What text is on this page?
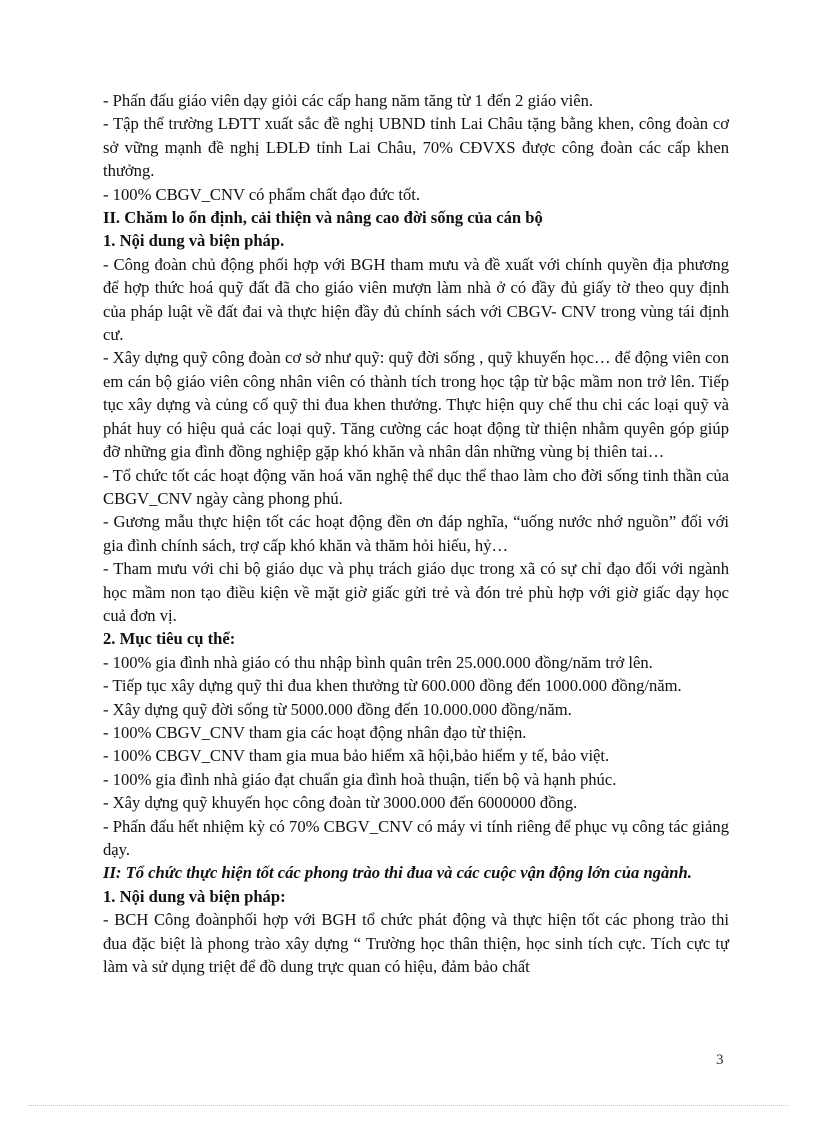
- Phấn đấu giáo viên dạy giỏi các cấp hang năm tăng từ 1 đến 2 giáo viên.

- Tập thể trường LĐTT xuất sắc đề nghị UBND tỉnh Lai Châu tặng bằng khen, công đoàn cơ sở vững mạnh đề nghị LĐLĐ tỉnh Lai Châu, 70% CĐVXS được công đoàn các cấp khen thưởng.

- 100% CBGV_CNV có phẩm chất đạo đức tốt.

II. Chăm lo ổn định, cải thiện và nâng cao đời sống của cán bộ

1. Nội dung và biện pháp.

- Công đoàn chủ động phối hợp với BGH tham mưu và đề xuất với chính quyền địa phương để hợp thức hoá quỹ đất đã cho giáo viên mượn làm nhà ở có đầy đủ giấy tờ theo quy định của pháp luật về đất đai và thực hiện đầy đủ chính sách với CBGV- CNV trong vùng tái định cư.

- Xây dựng quỹ công đoàn cơ sở như quỹ: quỹ đời sống , quỹ khuyến học… để động viên con em cán bộ giáo viên công nhân viên có thành tích trong học tập từ bậc mầm non trở lên. Tiếp tục xây dựng và củng cố quỹ thi đua khen thưởng. Thực hiện quy chế thu chi các loại quỹ và phát huy có hiệu quả các loại quỹ. Tăng cường các hoạt động từ thiện nhằm quyên góp giúp đỡ những gia đình đồng nghiệp gặp khó khăn và nhân dân những vùng bị thiên tai…

- Tổ chức tốt các hoạt động văn hoá văn nghệ thể dục thể thao làm cho đời sống tinh thần của CBGV_CNV ngày càng phong phú.

- Gương mẫu thực hiện tốt các hoạt động đền ơn đáp nghĩa, “uống nước nhớ nguồn” đối với gia đình chính sách, trợ cấp khó khăn và thăm hỏi hiếu, hỷ…

- Tham mưu với chi bộ giáo dục và phụ trách giáo dục trong xã có sự chỉ đạo đối với ngành học mầm non tạo điều kiện về mặt giờ giấc gửi trẻ và đón trẻ phù hợp với giờ giấc dạy học cuả đơn vị.

2. Mục tiêu cụ thể:

- 100% gia đình nhà giáo có thu nhập bình quân trên 25.000.000 đồng/năm trở lên.

- Tiếp tục xây dựng quỹ thi đua khen thưởng từ 600.000 đồng đến 1000.000 đồng/năm.

- Xây dựng quỹ đời sống từ 5000.000 đồng đến 10.000.000 đồng/năm.

- 100% CBGV_CNV tham gia các hoạt động nhân đạo từ thiện.

- 100% CBGV_CNV tham gia mua bảo hiểm xã hội,bảo hiểm y tế, bảo việt.

- 100% gia đình nhà giáo đạt chuẩn gia đình hoà thuận, tiến bộ và hạnh phúc.

- Xây dựng quỹ khuyến học công đoàn từ 3000.000 đến 6000000 đồng.

- Phấn đấu hết nhiệm kỳ có 70% CBGV_CNV có máy vi tính riêng để phục vụ công tác giảng dạy.

II: Tổ chức thực hiện tốt các phong trào thi đua và các cuộc vận động lớn của ngành.

1. Nội dung và biện pháp:

- BCH Công đoànphối hợp với BGH tổ chức phát động và thực hiện tốt các phong trào thi đua đặc biệt là phong trào xây dựng “ Trường học thân thiện, học sinh tích cực. Tích cực tự làm và sử dụng triệt để đồ dung trực quan có hiệu, đảm bảo chất

3
